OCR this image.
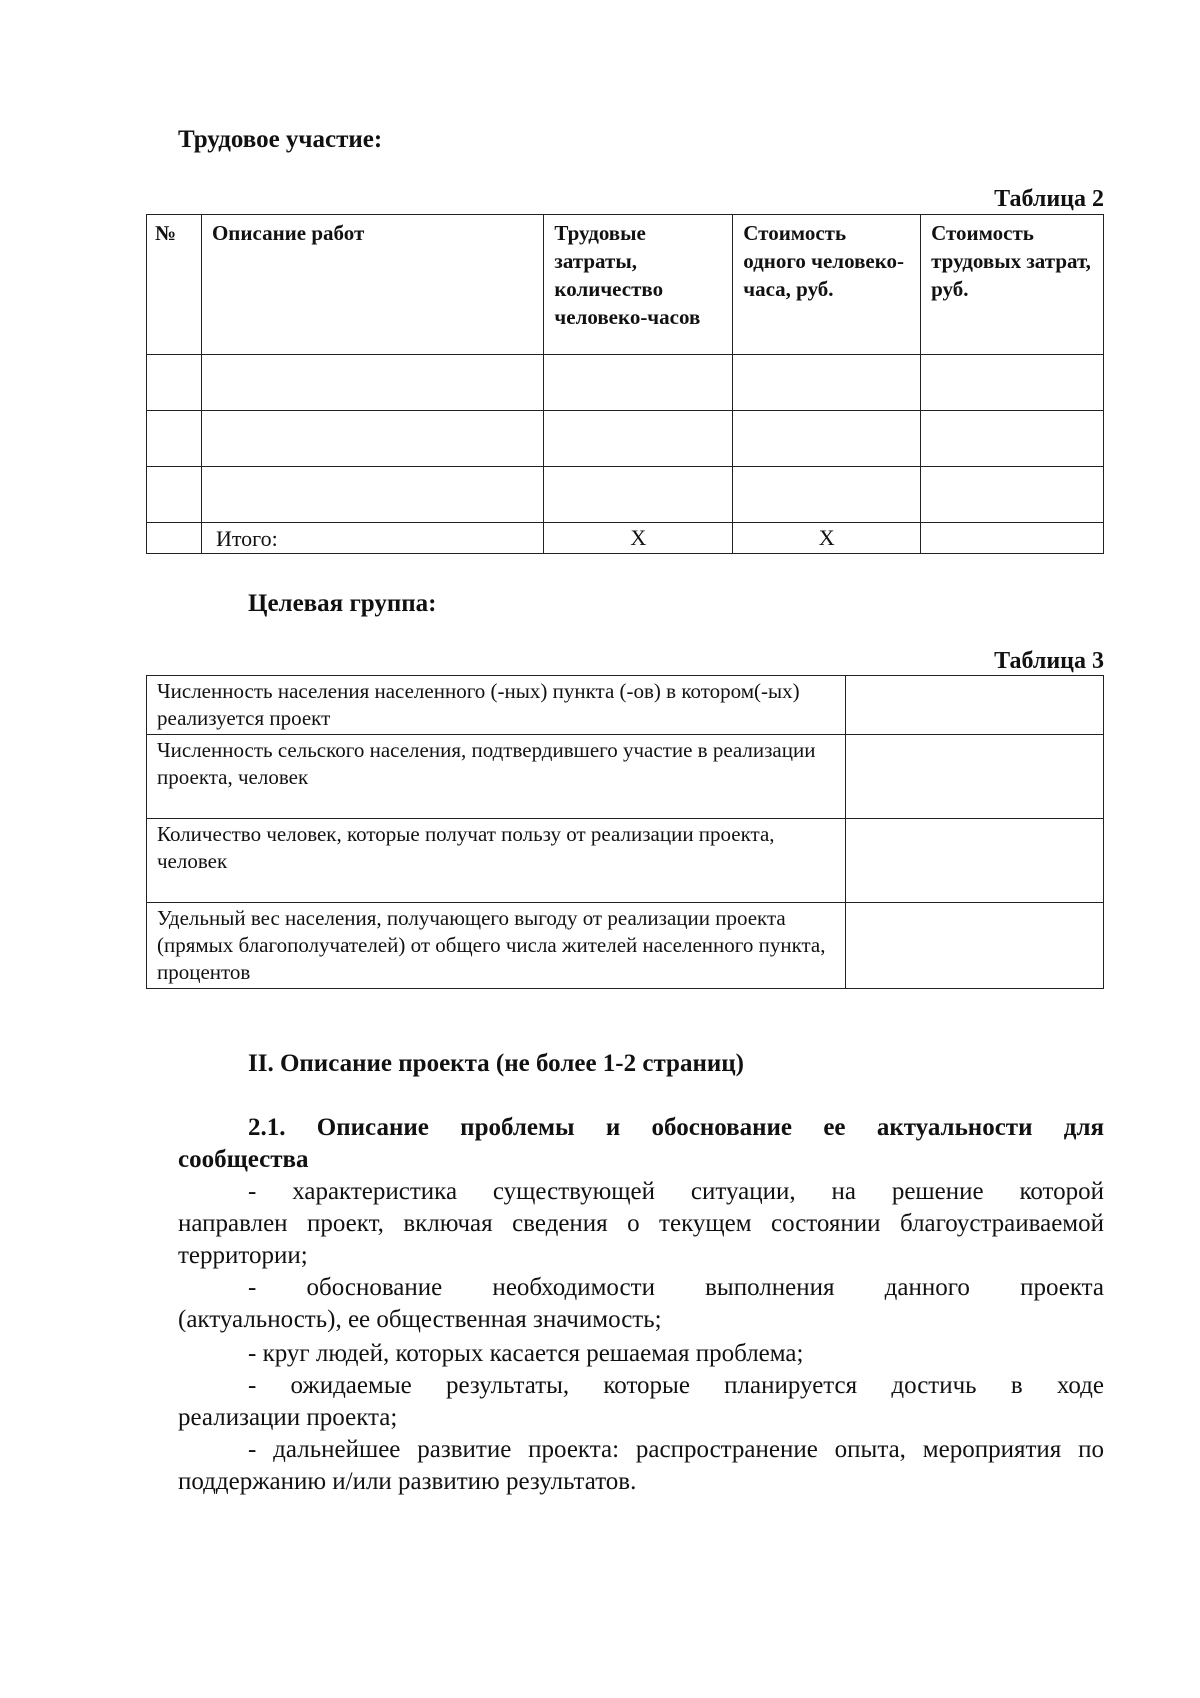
Трудовое участие:
Таблица 2
№	Описание работ	Трудовые затраты, количество человеко-часов	Стоимость одного человеко-часа, руб.	Стоимость трудовых затрат, руб.

	Итого:	Х	Х	
Целевая группа:
Таблица 3
Численность населения населенного (-ных) пункта (-ов) в котором(-ых) реализуется проект	
Численность сельского населения, подтвердившего участие в реализации проекта, человек	
Количество человек, которые получат пользу от реализации проекта, человек	
Удельный вес населения, получающего выгоду от реализации проекта (прямых благополучателей) от общего числа жителей населенного пункта, процентов	
II. Описание проекта (не более 1-2 страниц)
2.1. Описание проблемы и обоснование ее актуальности для
сообщества
- характеристика существующей ситуации, на решение которой
направлен проект, включая сведения о текущем состоянии благоустраиваемой
территории;
- обоснование необходимости выполнения данного проекта
(актуальность), ее общественная значимость;
- круг людей, которых касается решаемая проблема;
- ожидаемые результаты, которые планируется достичь в ходе
реализации проекта;
- дальнейшее развитие проекта: распространение опыта, мероприятия по
поддержанию и/или развитию результатов.
